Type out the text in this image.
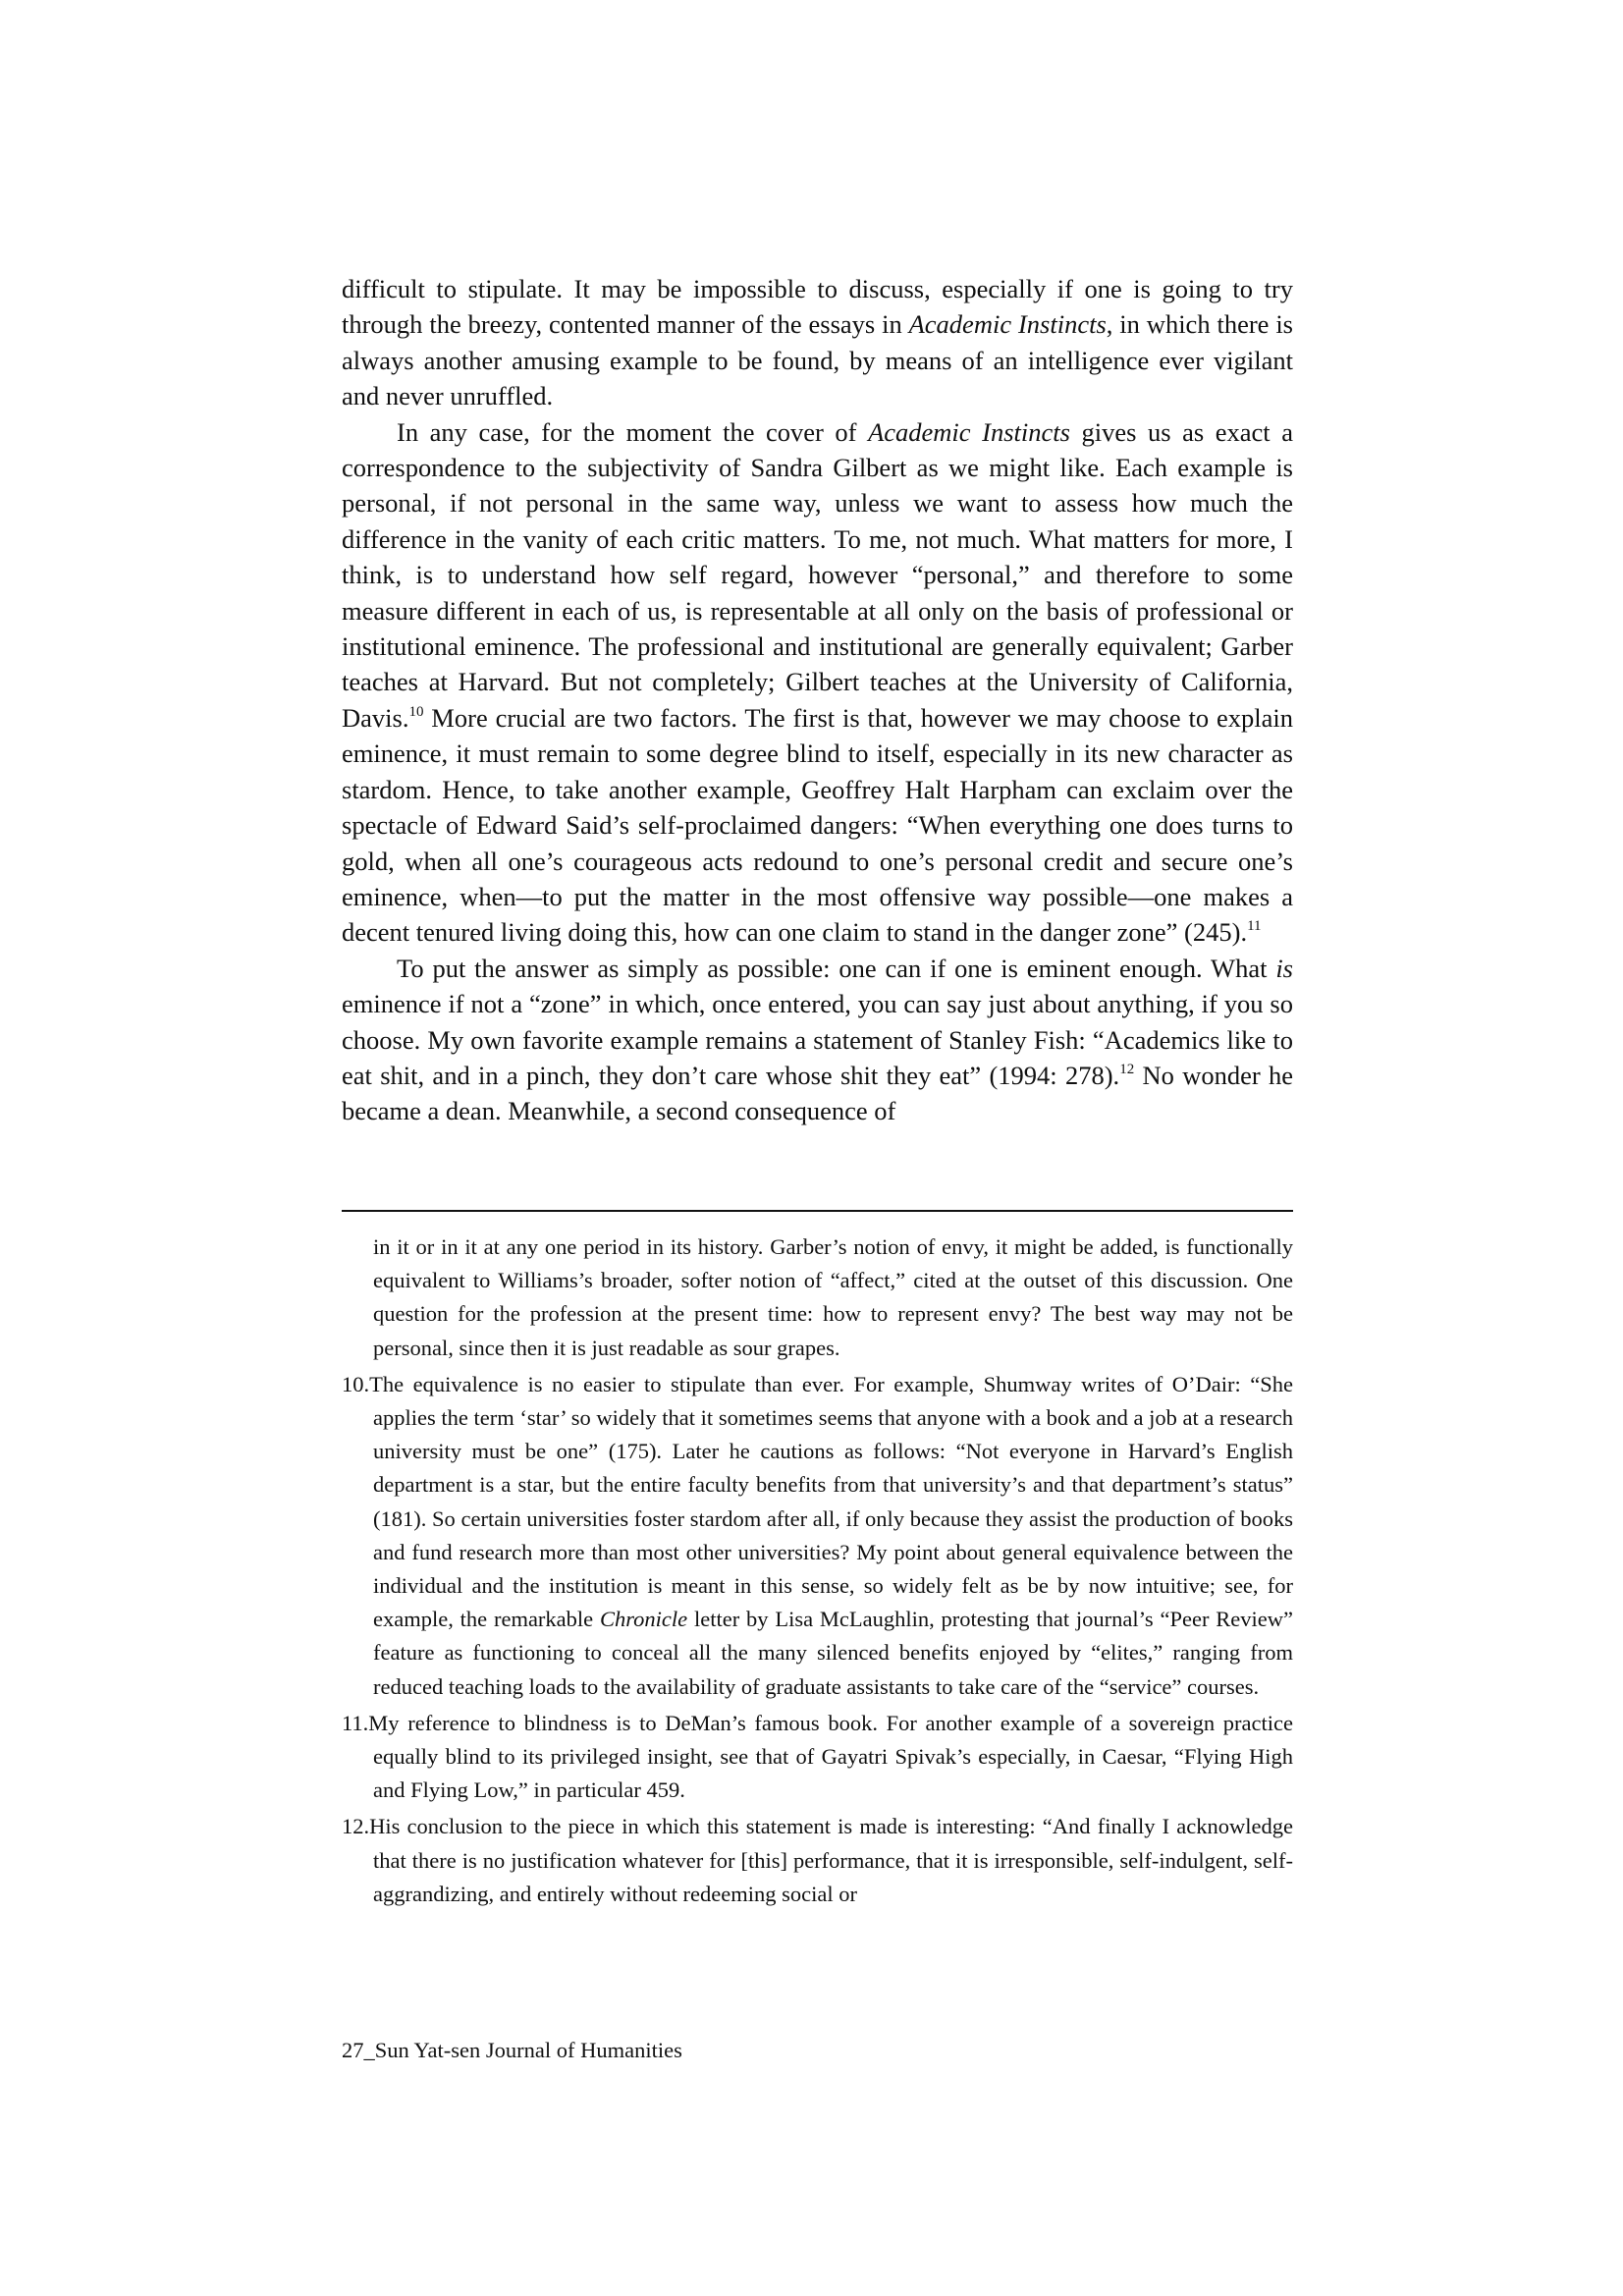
difficult to stipulate. It may be impossible to discuss, especially if one is going to try through the breezy, contented manner of the essays in Academic Instincts, in which there is always another amusing example to be found, by means of an intelligence ever vigilant and never unruffled.

In any case, for the moment the cover of Academic Instincts gives us as exact a correspondence to the subjectivity of Sandra Gilbert as we might like. Each example is personal, if not personal in the same way, unless we want to assess how much the difference in the vanity of each critic matters. To me, not much. What matters for more, I think, is to understand how self regard, however “personal,” and therefore to some measure different in each of us, is representable at all only on the basis of professional or institutional eminence. The professional and institutional are generally equivalent; Garber teaches at Harvard. But not completely; Gilbert teaches at the University of California, Davis.$^{10}$ More crucial are two factors. The first is that, however we may choose to explain eminence, it must remain to some degree blind to itself, especially in its new character as stardom. Hence, to take another example, Geoffrey Halt Harpham can exclaim over the spectacle of Edward Said’s self-proclaimed dangers: “When everything one does turns to gold, when all one’s courageous acts redound to one’s personal credit and secure one’s eminence, when—to put the matter in the most offensive way possible—one makes a decent tenured living doing this, how can one claim to stand in the danger zone” (245).$^{11}$

To put the answer as simply as possible: one can if one is eminent enough. What is eminence if not a “zone” in which, once entered, you can say just about anything, if you so choose. My own favorite example remains a statement of Stanley Fish: “Academics like to eat shit, and in a pinch, they don’t care whose shit they eat” (1994: 278).$^{12}$ No wonder he became a dean. Meanwhile, a second consequence of

in it or in it at any one period in its history. Garber’s notion of envy, it might be added, is functionally equivalent to Williams’s broader, softer notion of “affect,” cited at the outset of this discussion. One question for the profession at the present time: how to represent envy? The best way may not be personal, since then it is just readable as sour grapes.

10.The equivalence is no easier to stipulate than ever. For example, Shumway writes of O’Dair: “She applies the term ‘star’ so widely that it sometimes seems that anyone with a book and a job at a research university must be one” (175). Later he cautions as follows: “Not everyone in Harvard’s English department is a star, but the entire faculty benefits from that university’s and that department’s status” (181). So certain universities foster stardom after all, if only because they assist the production of books and fund research more than most other universities? My point about general equivalence between the individual and the institution is meant in this sense, so widely felt as be by now intuitive; see, for example, the remarkable Chronicle letter by Lisa McLaughlin, protesting that journal’s “Peer Review” feature as functioning to conceal all the many silenced benefits enjoyed by “elites,” ranging from reduced teaching loads to the availability of graduate assistants to take care of the “service” courses.

11.My reference to blindness is to DeMan’s famous book. For another example of a sovereign practice equally blind to its privileged insight, see that of Gayatri Spivak’s especially, in Caesar, “Flying High and Flying Low,” in particular 459.

12.His conclusion to the piece in which this statement is made is interesting: “And finally I acknowledge that there is no justification whatever for [this] performance, that it is irresponsible, self-indulgent, self-aggrandizing, and entirely without redeeming social or

27_Sun Yat-sen Journal of Humanities
